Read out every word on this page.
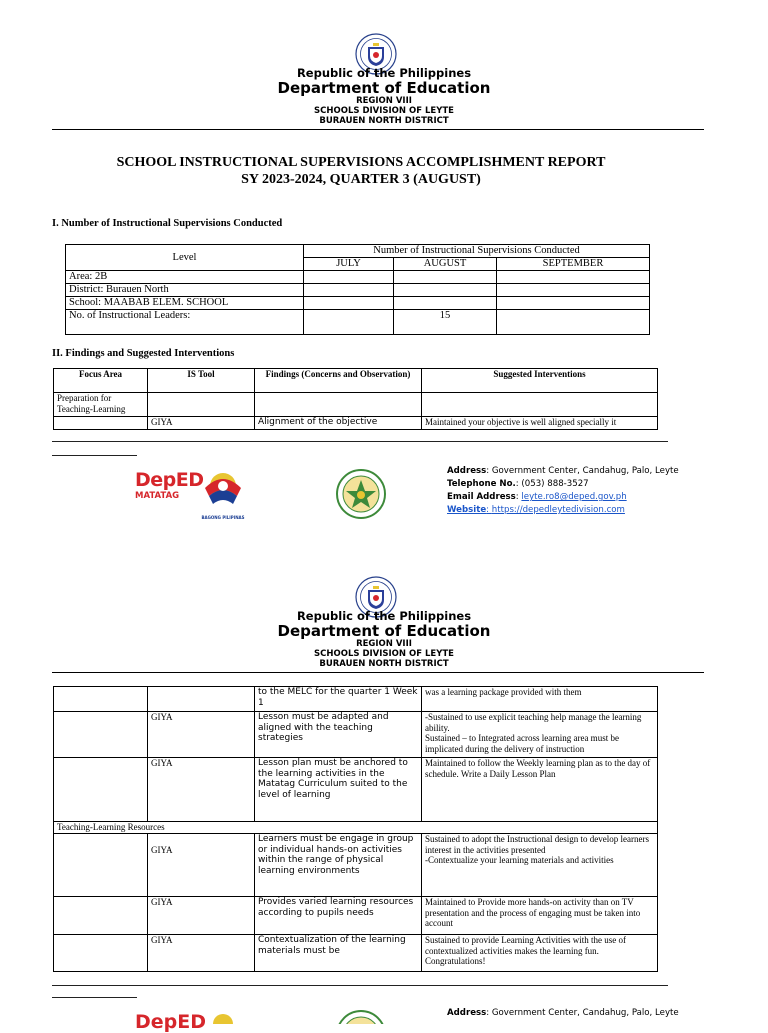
Republic of the Philippines
Department of Education
REGION VIII
SCHOOLS DIVISION OF LEYTE
BURAUEN NORTH DISTRICT
SCHOOL INSTRUCTIONAL SUPERVISIONS ACCOMPLISHMENT REPORT
SY 2023-2024, QUARTER 3 (AUGUST)
I. Number of Instructional Supervisions Conducted
Level	Number of Instructional Supervisions Conducted		
	JULY	AUGUST	SEPTEMBER
Area: 2B			
District: Burauen North			
School: MAABAB ELEM. SCHOOL			
No. of Instructional Leaders:		15	
II. Findings and Suggested Interventions
Focus Area	IS Tool	Findings (Concerns and Observation)	Suggested Interventions
Preparation for Teaching-Learning			
	GIYA	Alignment of the objective	Maintained your objective is well aligned specially it
DepED
MATATAG
BAGONG PILIPINAS
Address: Government Center, Candahug, Palo, Leyte
Telephone No.: (053) 888-3527
Email Address: leyte.ro8@deped.gov.ph
Website: https://depedleytedivision.com
Republic of the Philippines
Department of Education
REGION VIII
SCHOOLS DIVISION OF LEYTE
BURAUEN NORTH DISTRICT
		to the MELC for the quarter 1 Week 1	was a learning package provided with them
	GIYA	Lesson must be adapted and aligned with the teaching strategies	-Sustained to use explicit teaching help manage the learning ability.
Sustained – to Integrated across learning area must be implicated during the delivery of instruction
	GIYA	Lesson plan must be anchored to the learning activities in the Matatag Curriculum suited to the level of learning	Maintained to follow the Weekly learning plan as to the day of schedule. Write a Daily Lesson Plan
Teaching-Learning Resources			

	GIYA	Learners must be engage in group or individual hands-on activities within the range of physical learning environments	Sustained to adopt the Instructional design to develop learners interest in the activities presented
-Contextualize your learning materials and activities
	GIYA	Provides varied learning resources according to pupils needs	Maintained to Provide more hands-on activity than on TV presentation and the process of engaging must be taken into account
	GIYA	Contextualization of the learning materials must be	Sustained to provide Learning Activities with the use of contextualized activities makes the learning fun. Congratulations!
DepED	Address: Government Center, Candahug, Palo, Leyte
